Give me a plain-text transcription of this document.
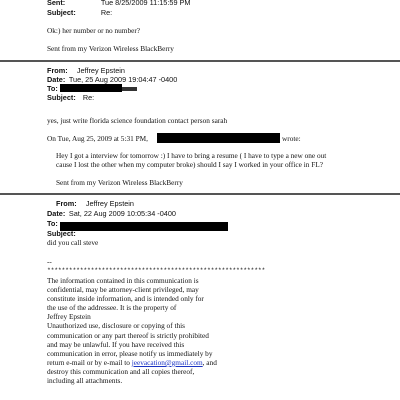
Sent:	Tue 8/25/2009 11:15:59 PM
Subject:	Re:
Ok:) her number or no number?
Sent from my Verizon Wireless BlackBerry
From: Jeffrey Epstein
Date: Tue, 25 Aug 2009 19:04:47 -0400
To:
Subject: Re:
yes, just write florida science foundation contact person sarah
On Tue, Aug 25, 2009 at 5:31 PM,	wrote:
Hey I got a interview for tomorrow :) I have to bring a resume ( I have to type a new one out
cause I lost the other when my computer broke) should I say I worked in your office in FL?
Sent from my Verizon Wireless BlackBerry
From: Jeffrey Epstein
Date: Sat, 22 Aug 2009 10:05:34 -0400
To:
Subject:
did you call steve
--
************************************************************
The information contained in this communication is
confidential, may be attorney-client privileged, may
constitute inside information, and is intended only for
the use of the addressee. It is the property of
Jeffrey Epstein
Unauthorized use, disclosure or copying of this
communication or any part thereof is strictly prohibited
and may be unlawful. If you have received this
communication in error, please notify us immediately by
return e-mail or by e-mail to jeevacation@gmail.com, and
destroy this communication and all copies thereof,
including all attachments.
